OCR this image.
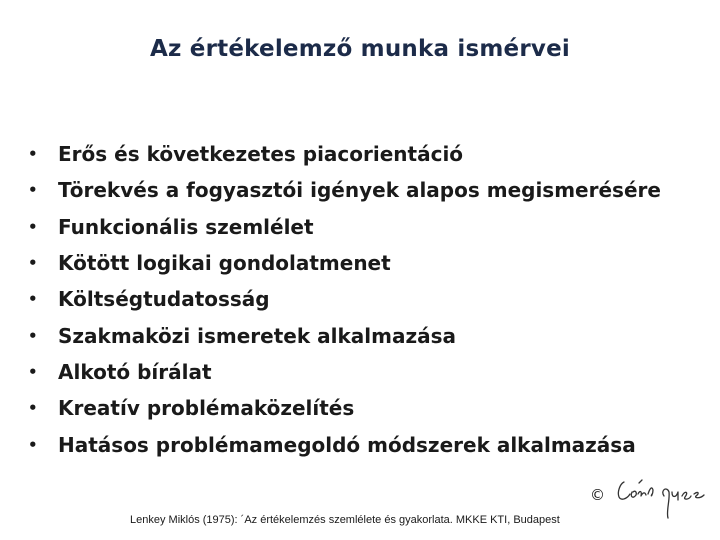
Az értékelemző munka ismérvei
•	Erős és következetes piacorientáció
•	Törekvés a fogyasztói igények alapos megismerésére
•	Funkcionális szemlélet
•	Kötött logikai gondolatmenet
•	Költségtudatosság
•	Szakmaközi ismeretek alkalmazása
•	Alkotó bírálat
•	Kreatív problémaközelítés
•	Hatásos problémamegoldó módszerek alkalmazása
©
Lenkey Miklós (1975): ´Az értékelemzés szemlélete és gyakorlata. MKKE KTI, Budapest
